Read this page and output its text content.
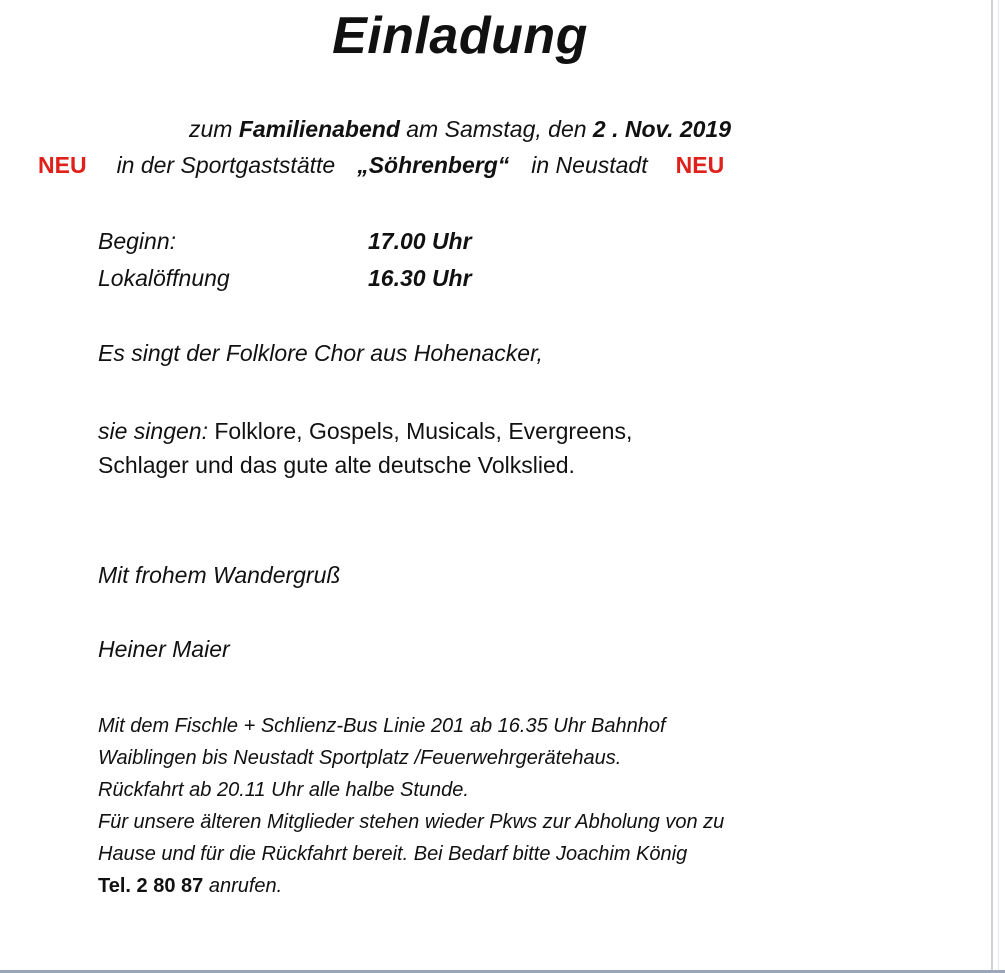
Einladung
zum Familienabend am Samstag, den 2 . Nov. 2019
NEU in der Sportgaststätte „Söhrenberg“ in Neustadt NEU
Beginn:	17.00 Uhr
Lokalöffnung	16.30 Uhr
Es singt der Folklore Chor aus Hohenacker,
sie singen: Folklore, Gospels, Musicals, Evergreens,
Schlager und das gute alte deutsche Volkslied.
Mit frohem Wandergruß
Heiner Maier
Mit dem Fischle + Schlienz-Bus Linie 201 ab 16.35 Uhr Bahnhof
Waiblingen bis Neustadt Sportplatz /Feuerwehrgerätehaus.
Rückfahrt ab 20.11 Uhr alle halbe Stunde.
Für unsere älteren Mitglieder stehen wieder Pkws zur Abholung von zu
Hause und für die Rückfahrt bereit. Bei Bedarf bitte Joachim König
Tel. 2 80 87 anrufen.
